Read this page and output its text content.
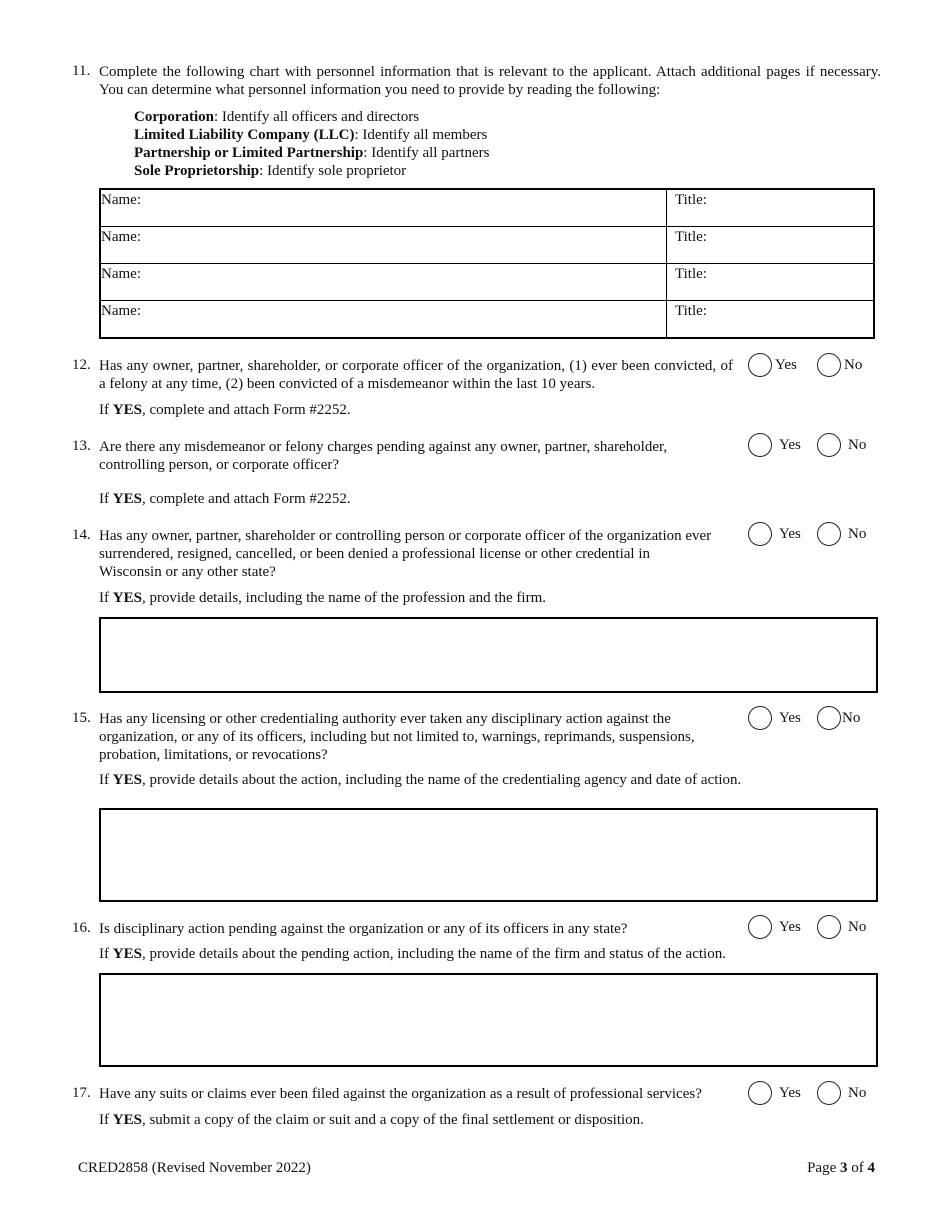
11. Complete the following chart with personnel information that is relevant to the applicant. Attach additional pages if necessary. You can determine what personnel information you need to provide by reading the following:
Corporation: Identify all officers and directors
Limited Liability Company (LLC): Identify all members
Partnership or Limited Partnership: Identify all partners
Sole Proprietorship: Identify sole proprietor
Name:	Title:
Name:	Title:
Name:	Title:
Name:	Title:
12. Has any owner, partner, shareholder, or corporate officer of the organization, (1) ever been convicted, of a felony at any time, (2) been convicted of a misdemeanor within the last 10 years.
Yes	No
If YES, complete and attach Form #2252.
13. Are there any misdemeanor or felony charges pending against any owner, partner, shareholder, controlling person, or corporate officer?
Yes	No
If YES, complete and attach Form #2252.
14. Has any owner, partner, shareholder or controlling person or corporate officer of the organization ever surrendered, resigned, cancelled, or been denied a professional license or other credential in Wisconsin or any other state?
Yes	No
If YES, provide details, including the name of the profession and the firm.
15. Has any licensing or other credentialing authority ever taken any disciplinary action against the organization, or any of its officers, including but not limited to, warnings, reprimands, suspensions, probation, limitations, or revocations?
Yes	No
If YES, provide details about the action, including the name of the credentialing agency and date of action.
16. Is disciplinary action pending against the organization or any of its officers in any state?	Yes	No
If YES, provide details about the pending action, including the name of the firm and status of the action.
17. Have any suits or claims ever been filed against the organization as a result of professional services?	Yes	No
If YES, submit a copy of the claim or suit and a copy of the final settlement or disposition.
CRED2858 (Revised November 2022)	Page 3 of 4
